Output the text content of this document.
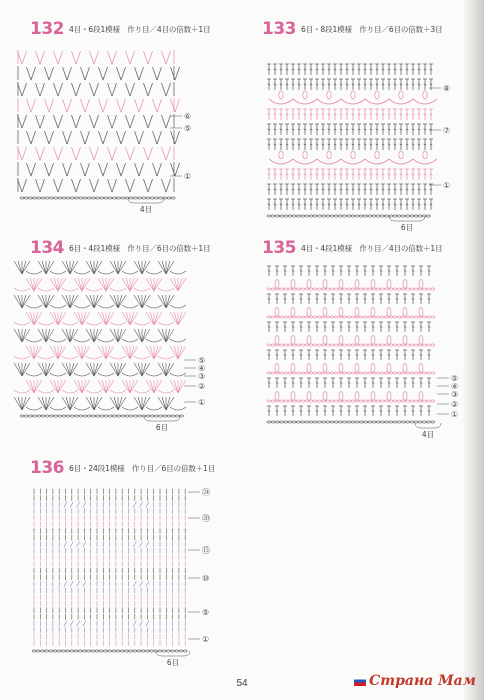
132 4目・6段1模様　作り目／4目の倍数＋1目
⑥
⑤
①
4目
133 6目・8段1模様　作り目／6目の倍数＋3目
⑧
⑦
①
6目
134 6目・4段1模様　作り目／6目の倍数＋1目
⑤
④
③
②
①
6目
135 4目・4段1模様　作り目／4目の倍数＋1目
⑤
④
③
②
①
4目
136 6目・24段1模様　作り目／6目の倍数＋1目
㉔
⑳
⑮
⑩
⑤
①
6目
54	Страна Мам
